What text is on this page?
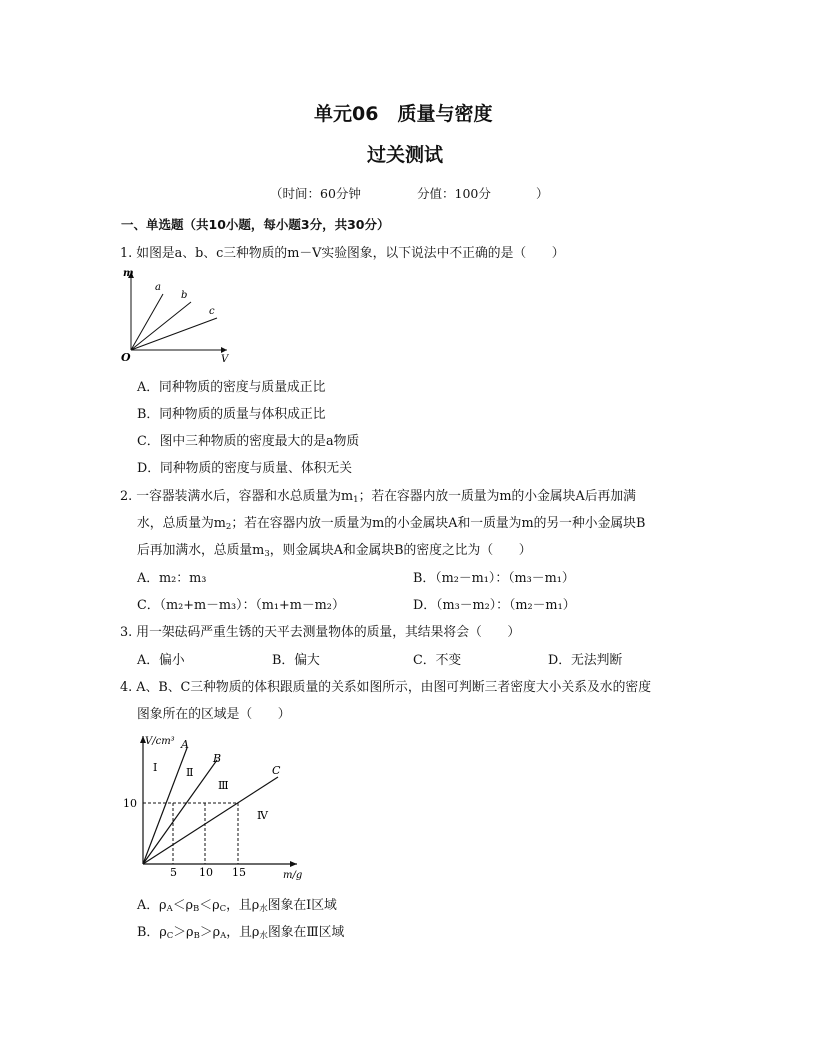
单元06　质量与密度
过关测试
（时间：60分钟	分值：100分	）
一、单选题（共10小题，每小题3分，共30分）
1. 如图是a、b、c三种物质的m－V实验图象，以下说法中不正确的是（　　）
m
V
O
a
b
c
A．同种物质的密度与质量成正比
B．同种物质的质量与体积成正比
C．图中三种物质的密度最大的是a物质
D．同种物质的密度与质量、体积无关
2. 一容器装满水后，容器和水总质量为$m_1$；若在容器内放一质量为m的小金属块A后再加满
水，总质量为$m_2$；若在容器内放一质量为m的小金属块A和一质量为m的另一种小金属块B
后再加满水，总质量$m_3$，则金属块A和金属块B的密度之比为（　　）
A．m₂：m₃	B．（m₂－m₁）：（m₃－m₁）
C．（m₂+m－m₃）：（m₁+m－m₂）	D．（m₃－m₂）：（m₂－m₁）
3. 用一架砝码严重生锈的天平去测量物体的质量，其结果将会（　　）
A．偏小	B．偏大	C．不变	D．无法判断
4. A、B、C三种物质的体积跟质量的关系如图所示，由图可判断三者密度大小关系及水的密度
图象所在的区域是（　　）
V/cm³
m/g
10
5 10 15
A
B
C
Ⅰ	Ⅱ
Ⅲ
Ⅳ
A．$\rho_A<\rho_B<\rho_C$，且$\rho_水$图象在Ⅰ区域
B．$\rho_C>\rho_B>\rho_A$，且$\rho_水$图象在Ⅲ区域
